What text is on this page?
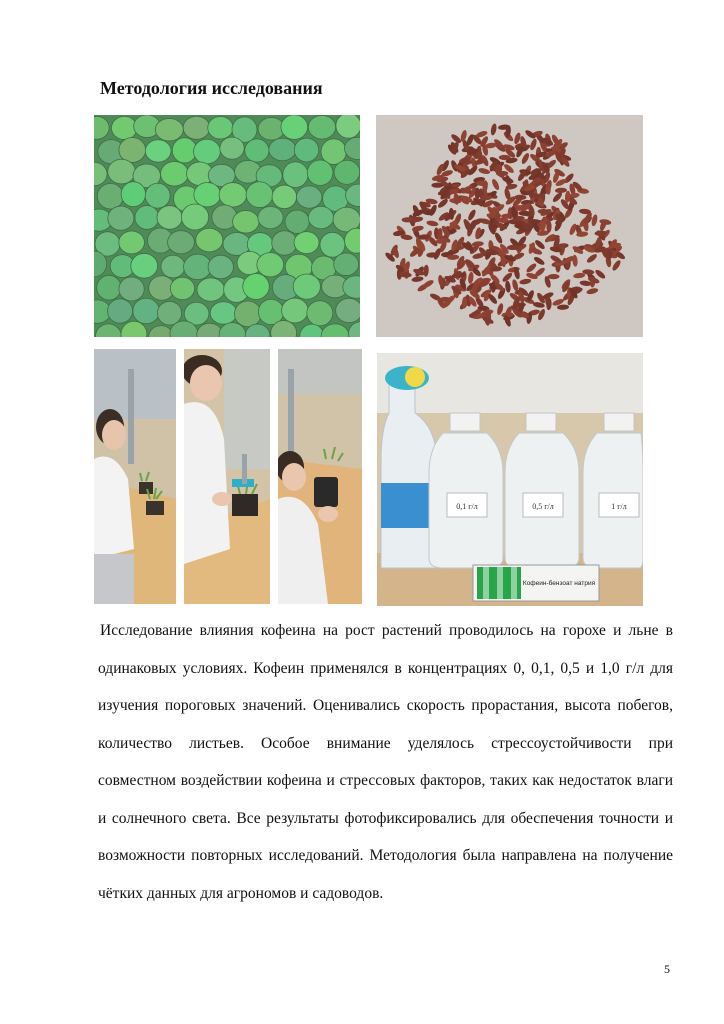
Методология исследования
0,1 г/л	0,5 г/л	1 г/л
Кофеин-бензоат натрия

Исследование влияния кофеина на рост растений проводилось на горохе и льне в одинаковых условиях. Кофеин применялся в концентрациях 0, 0,1, 0,5 и 1,0 г/л для изучения пороговых значений. Оценивались скорость прорастания, высота побегов, количество листьев. Особое внимание уделялось стрессоустойчивости при совместном воздействии кофеина и стрессовых факторов, таких как недостаток влаги и солнечного света. Все результаты фотофиксировались для обеспечения точности и возможности повторных исследований. Методология была направлена на получение чётких данных для агрономов и садоводов.

5
